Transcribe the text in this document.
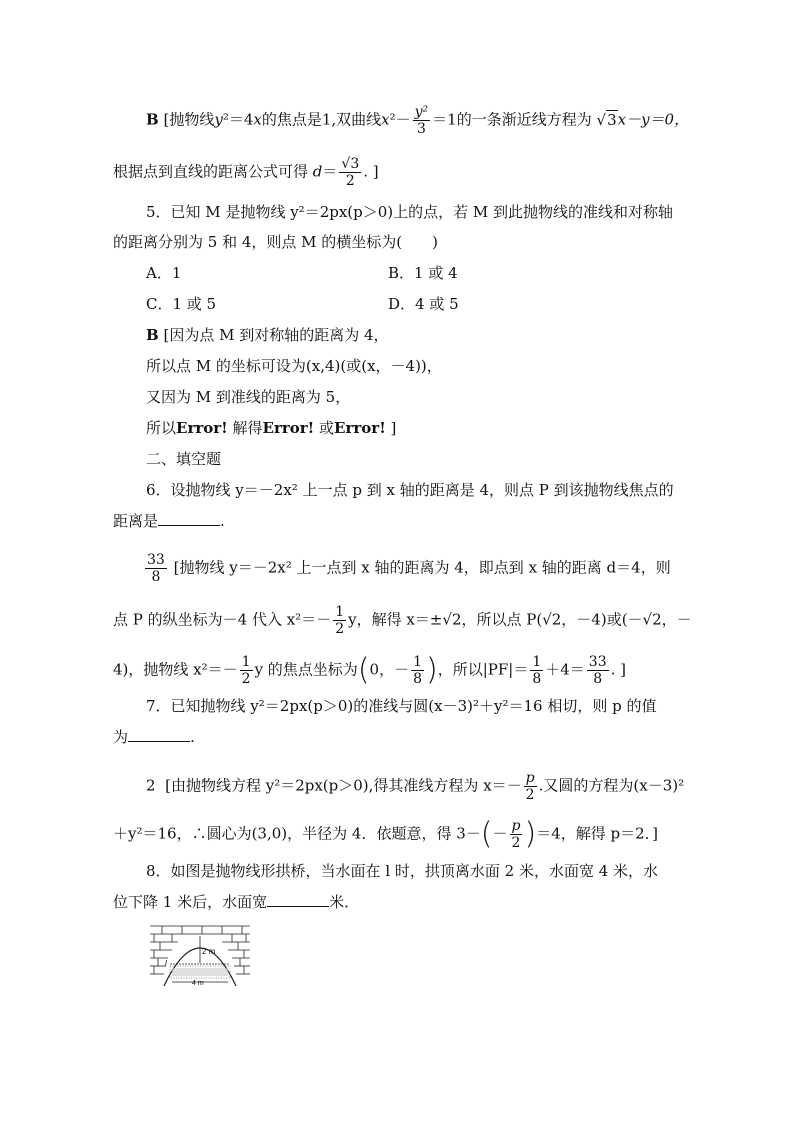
B [抛物线y²＝4x的焦点是1,双曲线$x^2- \frac{\text{y²}}{3} =1$的一条渐近线方程为 √ 3x－y＝0，
根据点到直线的距离公式可得 $d= \frac{√3}{2}$ . ]
5．已知 M 是抛物线 y²＝2px(p＞0)上的点，若 M 到此抛物线的准线和对称轴
的距离分别为 5 和 4，则点 M 的横坐标为(　　)
A．1	B．1 或 4
C．1 或 5	D．4 或 5
B [因为点 M 到对称轴的距离为 4，
所以点 M 的坐标可设为(x,4)(或(x，－4))，
又因为 M 到准线的距离为 5，
所以Error! 解得Error! 或Error! ]
二、填空题
6．设抛物线 y＝－2x² 上一点 p 到 x 轴的距离是 4，则点 P 到该抛物线焦点的
距离是	.
$\frac{33}{8}$ [抛物线 y＝－2x² 上一点到 x 轴的距离为 4，即点到 x 轴的距离 d＝4，则
点 P 的纵坐标为－4 代入 $x^2=- \frac{1}{2}$ y，解得 x＝±√2，所以点 P(√2，－4)或(－√2，－
4)，抛物线 $x^2=- \frac{1}{2}$ y 的焦点坐标为(0，－ $\frac{1}{8}$ )，所以$|PF|= \frac{1}{8} +4= \frac{33}{8}$ . ]
7．已知抛物线 y²＝2px(p＞0)的准线与圆(x－3)²＋y²＝16 相切，则 p 的值
为	.
2 [由抛物线方程 y²＝2px(p＞0),得其准线方程为 $x=- \frac{p}{2}$ .又圆的方程为(x－3)²
＋y²＝16，∴圆心为(3,0)，半径为 4．依题意，得 $3-(- \frac{p}{2} )=4$，解得 p＝2．]
8．如图是抛物线形拱桥，当水面在 l 时，拱顶离水面 2 米，水面宽 4 米，水
位下降 1 米后，水面宽	米．
2 m
4 m
l
